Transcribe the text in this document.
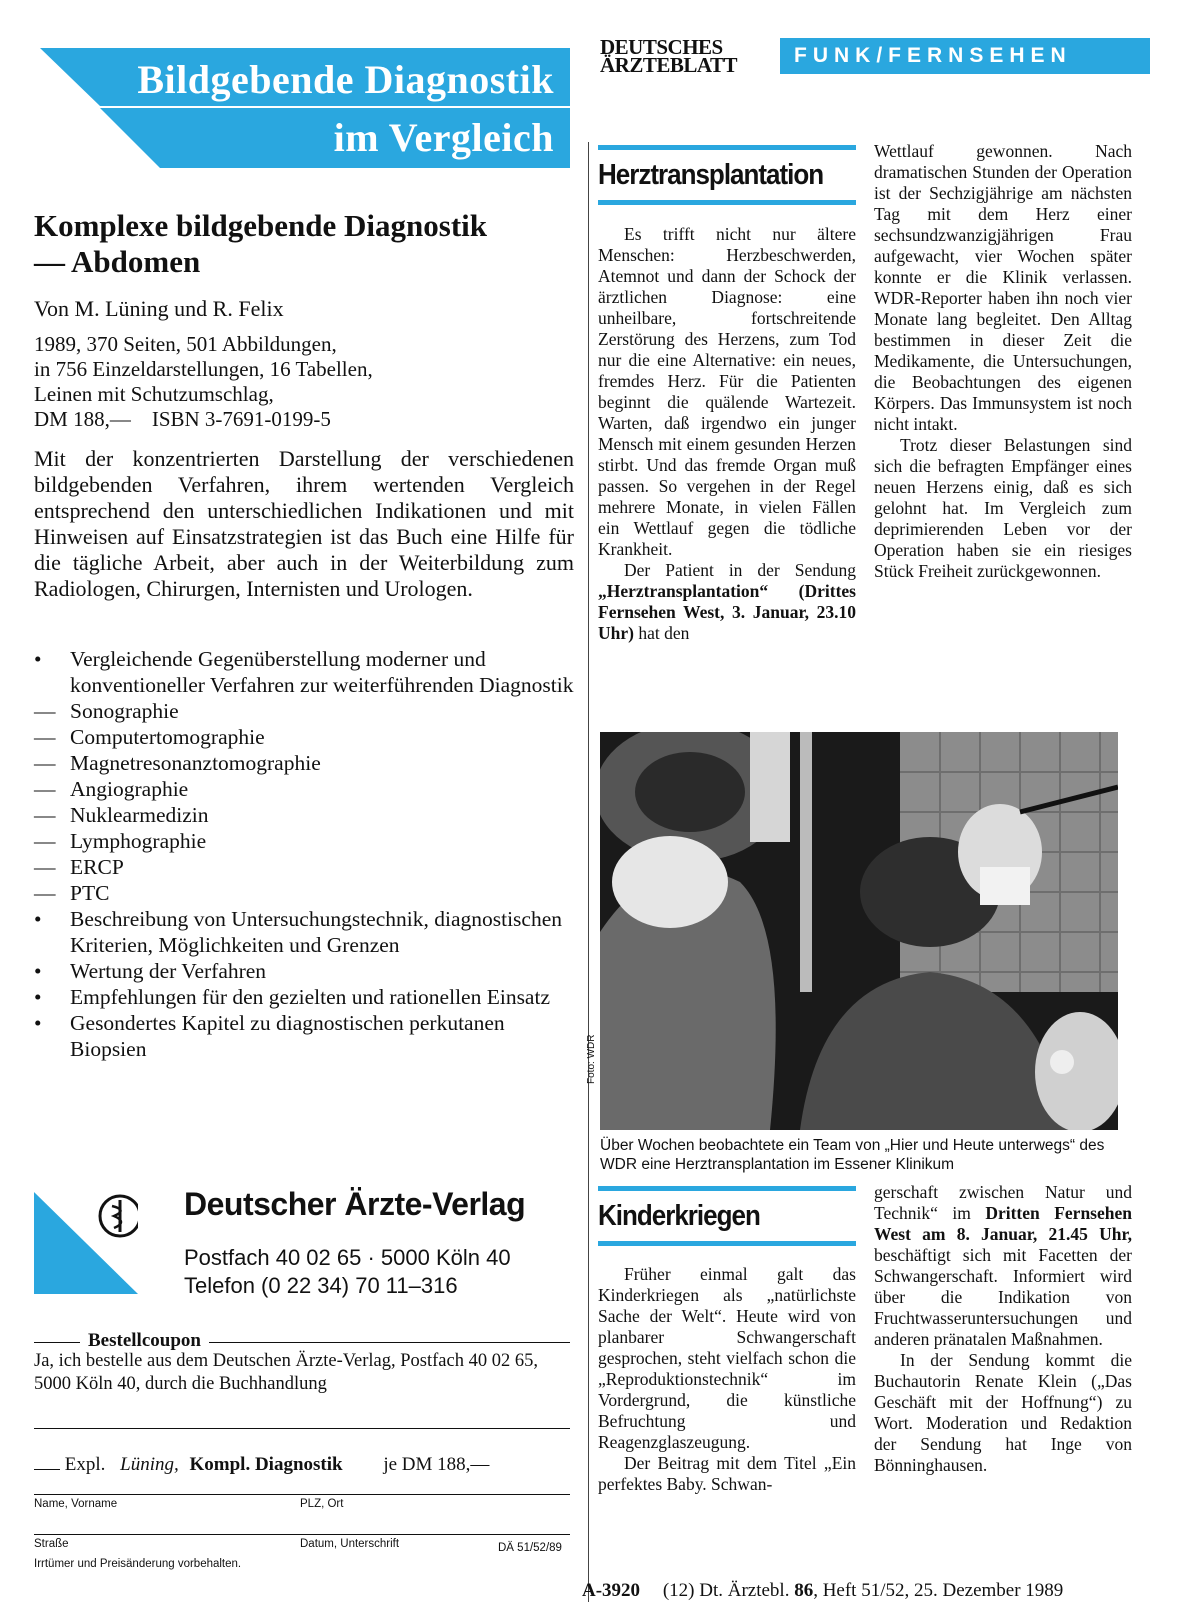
Bildgebende Diagnostik
im Vergleich
Komplexe bildgebende Diagnostik
— Abdomen
Von M. Lüning und R. Felix
1989, 370 Seiten, 501 Abbildungen,
in 756 Einzeldarstellungen, 16 Tabellen,
Leinen mit Schutzumschlag,
DM 188,—    ISBN 3-7691-0199-5
Mit der konzentrierten Darstellung der verschiedenen bildgebenden Verfahren, ihrem wertenden Vergleich entsprechend den unterschiedlichen Indikationen und mit Hinweisen auf Einsatzstrategien ist das Buch eine Hilfe für die tägliche Arbeit, aber auch in der Weiterbildung zum Radiologen, Chirurgen, Internisten und Urologen.
•	Vergleichende Gegenüberstellung moderner und konventioneller Verfahren zur weiterführenden Diagnostik
— Sonographie
— Computertomographie
— Magnetresonanztomographie
— Angiographie
— Nuklearmedizin
— Lymphographie
— ERCP
— PTC
•	Beschreibung von Untersuchungstechnik, diagnostischen Kriterien, Möglichkeiten und Grenzen
•	Wertung der Verfahren
•	Empfehlungen für den gezielten und rationellen Einsatz
•	Gesondertes Kapitel zu diagnostischen perkutanen Biopsien
Deutscher Ärzte-Verlag
Postfach 40 02 65 · 5000 Köln 40
Telefon (0 22 34) 70 11–316
Bestellcoupon
Ja, ich bestelle aus dem Deutschen Ärzte-Verlag, Postfach 40 02 65, 5000 Köln 40, durch die Buchhandlung
Expl. Lüning, Kompl. Diagnostik je DM 188,—
Name, Vorname	PLZ, Ort
Straße	Datum, Unterschrift	DÄ 51/52/89
Irrtümer und Preisänderung vorbehalten.
DEUTSCHES
ÄRZTEBLATT	FUNK/FERNSEHEN
Herztransplantation

Es trifft nicht nur ältere Menschen: Herzbeschwerden, Atemnot und dann der Schock der ärztlichen Diagnose: eine unheilbare, fortschreitende Zerstörung des Herzens, zum Tod nur die eine Alternative: ein neues, fremdes Herz. Für die Patienten beginnt die quälende Wartezeit. Warten, daß irgendwo ein junger Mensch mit einem gesunden Herzen stirbt. Und das fremde Organ muß passen. So vergehen in der Regel mehrere Monate, in vielen Fällen ein Wettlauf gegen die tödliche Krankheit.

Der Patient in der Sendung „Herztransplantation“ (Drittes Fernsehen West, 3. Januar, 23.10 Uhr) hat den

Wettlauf gewonnen. Nach dramatischen Stunden der Operation ist der Sechzigjährige am nächsten Tag mit dem Herz einer sechsundzwanzigjährigen Frau aufgewacht, vier Wochen später konnte er die Klinik verlassen. WDR-Reporter haben ihn noch vier Monate lang begleitet. Den Alltag bestimmen in dieser Zeit die Medikamente, die Untersuchungen, die Beobachtungen des eigenen Körpers. Das Immunsystem ist noch nicht intakt.

Trotz dieser Belastungen sind sich die befragten Empfänger eines neuen Herzens einig, daß es sich gelohnt hat. Im Vergleich zum deprimierenden Leben vor der Operation haben sie ein riesiges Stück Freiheit zurückgewonnen.

Foto: WDR
Über Wochen beobachtete ein Team von „Hier und Heute unterwegs“ des WDR eine Herztransplantation im Essener Klinikum
Kinderkriegen

Früher einmal galt das Kinderkriegen als „natürlichste Sache der Welt“. Heute wird von planbarer Schwangerschaft gesprochen, steht vielfach schon die „Reproduktionstechnik“ im Vordergrund, die künstliche Befruchtung und Reagenzglaszeugung.

Der Beitrag mit dem Titel „Ein perfektes Baby. Schwan-

gerschaft zwischen Natur und Technik“ im Dritten Fernsehen West am 8. Januar, 21.45 Uhr, beschäftigt sich mit Facetten der Schwangerschaft. Informiert wird über die Indikation von Fruchtwasseruntersuchungen und anderen pränatalen Maßnahmen.

In der Sendung kommt die Buchautorin Renate Klein („Das Geschäft mit der Hoffnung“) zu Wort. Moderation und Redaktion der Sendung hat Inge von Bönninghausen.

A-3920 (12) Dt. Ärztebl. 86, Heft 51/52, 25. Dezember 1989
